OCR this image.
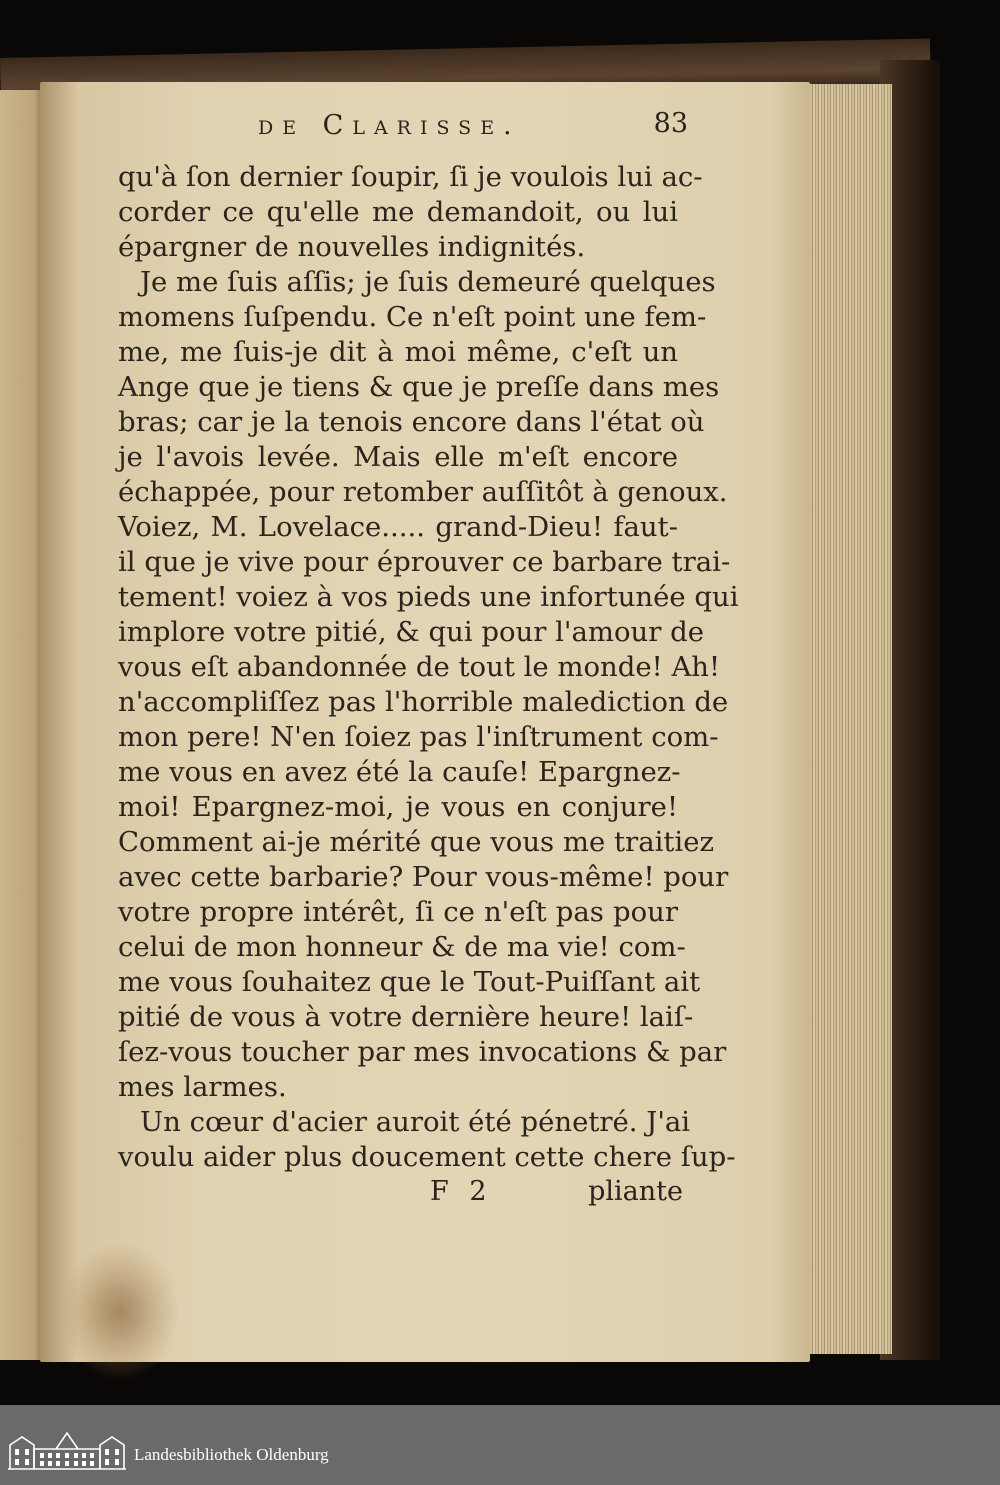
de Clarisse.	83
qu'à ſon dernier ſoupir, ſi je voulois lui ac-
corder ce qu'elle me demandoit, ou lui
épargner de nouvelles indignités.
Je me ſuis aſſis; je ſuis demeuré quelques
momens ſuſpendu. Ce n'eſt point une fem-
me, me ſuis-je dit à moi même, c'eſt un
Ange que je tiens & que je preſſe dans mes
bras; car je la tenois encore dans l'état où
je l'avois levée. Mais elle m'eſt encore
échappée, pour retomber auſſitôt à genoux.
Voiez, M. Lovelace..... grand-Dieu! faut-
il que je vive pour éprouver ce barbare trai-
tement! voiez à vos pieds une infortunée qui
implore votre pitié, & qui pour l'amour de
vous eſt abandonnée de tout le monde! Ah!
n'accompliſſez pas l'horrible malediction de
mon pere! N'en ſoiez pas l'inſtrument com-
me vous en avez été la cauſe! Epargnez-
moi! Epargnez-moi, je vous en conjure!
Comment ai-je mérité que vous me traitiez
avec cette barbarie? Pour vous-même! pour
votre propre intérêt, ſi ce n'eſt pas pour
celui de mon honneur & de ma vie! com-
me vous ſouhaitez que le Tout-Puiſſant ait
pitié de vous à votre dernière heure! laiſ-
ſez-vous toucher par mes invocations & par
mes larmes.
Un cœur d'acier auroit été pénetré. J'ai
voulu aider plus doucement cette chere ſup-
F 2	pliante
Landesbibliothek Oldenburg
